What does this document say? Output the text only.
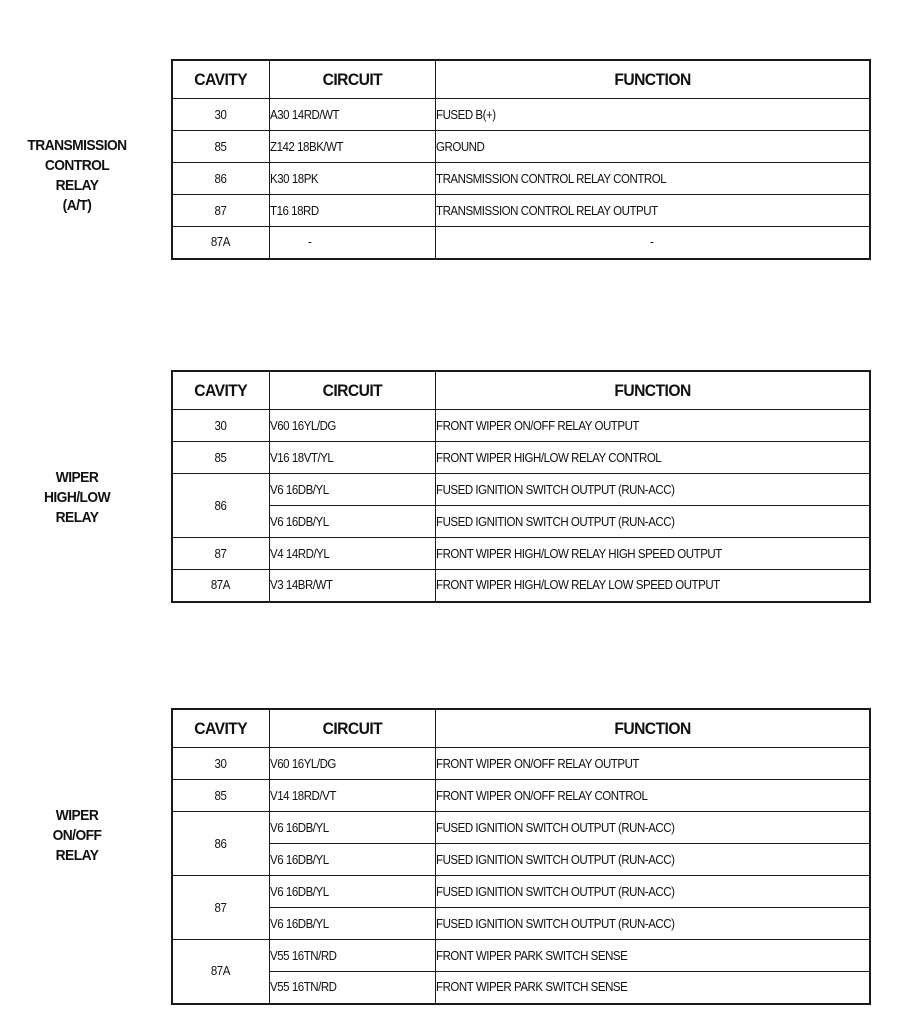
TRANSMISSION
CONTROL
RELAY
(A/T)
CAVITY	CIRCUIT	FUNCTION
30	A30 14RD/WT	FUSED B(+)
85	Z142 18BK/WT	GROUND
86	K30 18PK	TRANSMISSION CONTROL RELAY CONTROL
87	T16 18RD	TRANSMISSION CONTROL RELAY OUTPUT
87A	-	-
WIPER
HIGH/LOW
RELAY
CAVITY	CIRCUIT	FUNCTION
30	V60 16YL/DG	FRONT WIPER ON/OFF RELAY OUTPUT
85	V16 18VT/YL	FRONT WIPER HIGH/LOW RELAY CONTROL
86	V6 16DB/YL	FUSED IGNITION SWITCH OUTPUT (RUN-ACC)
	V6 16DB/YL	FUSED IGNITION SWITCH OUTPUT (RUN-ACC)
87	V4 14RD/YL	FRONT WIPER HIGH/LOW RELAY HIGH SPEED OUTPUT
87A	V3 14BR/WT	FRONT WIPER HIGH/LOW RELAY LOW SPEED OUTPUT
WIPER
ON/OFF
RELAY
CAVITY	CIRCUIT	FUNCTION
30	V60 16YL/DG	FRONT WIPER ON/OFF RELAY OUTPUT
85	V14 18RD/VT	FRONT WIPER ON/OFF RELAY CONTROL
86	V6 16DB/YL	FUSED IGNITION SWITCH OUTPUT (RUN-ACC)
	V6 16DB/YL	FUSED IGNITION SWITCH OUTPUT (RUN-ACC)
87	V6 16DB/YL	FUSED IGNITION SWITCH OUTPUT (RUN-ACC)
	V6 16DB/YL	FUSED IGNITION SWITCH OUTPUT (RUN-ACC)
87A	V55 16TN/RD	FRONT WIPER PARK SWITCH SENSE
	V55 16TN/RD	FRONT WIPER PARK SWITCH SENSE
